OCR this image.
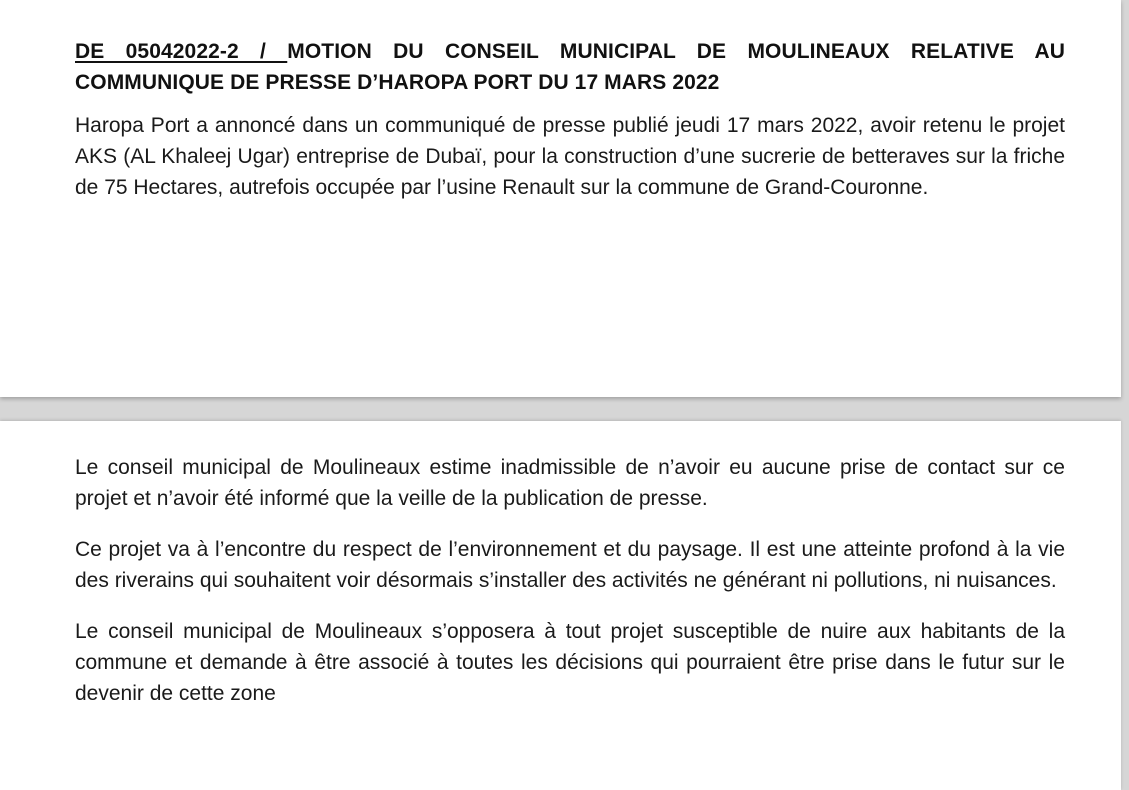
DE 05042022-2 / MOTION DU CONSEIL MUNICIPAL DE MOULINEAUX RELATIVE AU COMMUNIQUE DE PRESSE D’HAROPA PORT DU 17 MARS 2022

Haropa Port a annoncé dans un communiqué de presse publié jeudi 17 mars 2022, avoir retenu le projet AKS (AL Khaleej Ugar) entreprise de Dubaï, pour la construction d’une sucrerie de betteraves sur la friche de 75 Hectares, autrefois occupée par l’usine Renault sur la commune de Grand-Couronne.

Le conseil municipal de Moulineaux estime inadmissible de n’avoir eu aucune prise de contact sur ce projet et n’avoir été informé que la veille de la publication de presse.

Ce projet va à l’encontre du respect de l’environnement et du paysage. Il est une atteinte profond à la vie des riverains qui souhaitent voir désormais s’installer des activités ne générant ni pollutions, ni nuisances.

Le conseil municipal de Moulineaux s’opposera à tout projet susceptible de nuire aux habitants de la commune et demande à être associé à toutes les décisions qui pourraient être prise dans le futur sur le devenir de cette zone
